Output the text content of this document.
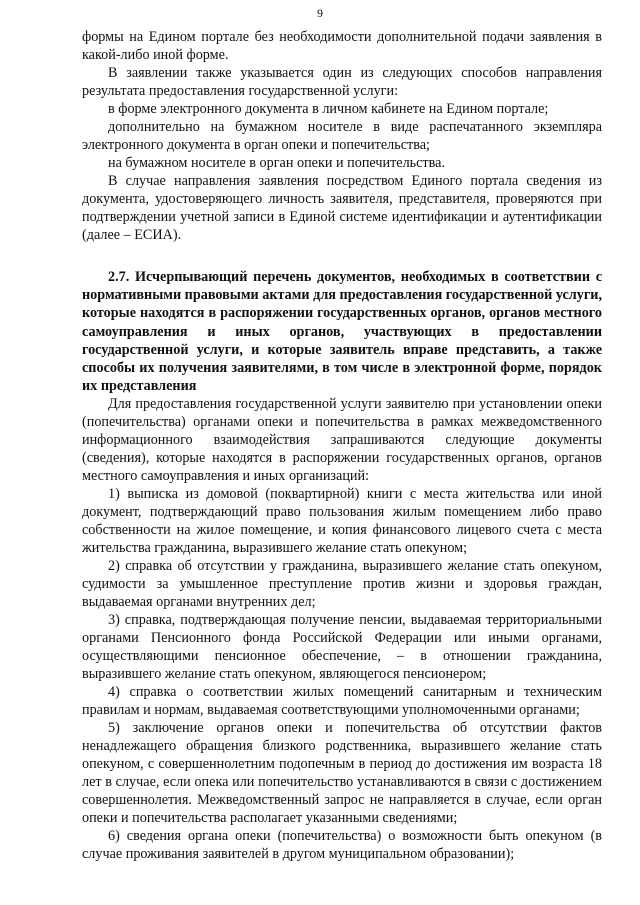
9

формы на Едином портале без необходимости дополнительной подачи заявления в какой-либо иной форме.

В заявлении также указывается один из следующих способов направления результата предоставления государственной услуги:

в форме электронного документа в личном кабинете на Едином портале;

дополнительно на бумажном носителе в виде распечатанного экземпляра электронного документа в орган опеки и попечительства;

на бумажном носителе в орган опеки и попечительства.

В случае направления заявления посредством Единого портала сведения из документа, удостоверяющего личность заявителя, представителя, проверяются при подтверждении учетной записи в Единой системе идентификации и аутентификации (далее – ЕСИА).

2.7. Исчерпывающий перечень документов, необходимых в соответствии с нормативными правовыми актами для предоставления государственной услуги, которые находятся в распоряжении государственных органов, органов местного самоуправления и иных органов, участвующих в предоставлении государственной услуги, и которые заявитель вправе представить, а также способы их получения заявителями, в том числе в электронной форме, порядок их представления

Для предоставления государственной услуги заявителю при установлении опеки (попечительства) органами опеки и попечительства в рамках межведомственного информационного взаимодействия запрашиваются следующие документы (сведения), которые находятся в распоряжении государственных органов, органов местного самоуправления и иных организаций:

1) выписка из домовой (поквартирной) книги с места жительства или иной документ, подтверждающий право пользования жилым помещением либо право собственности на жилое помещение, и копия финансового лицевого счета с места жительства гражданина, выразившего желание стать опекуном;

2) справка об отсутствии у гражданина, выразившего желание стать опекуном, судимости за умышленное преступление против жизни и здоровья граждан, выдаваемая органами внутренних дел;

3) справка, подтверждающая получение пенсии, выдаваемая территориальными органами Пенсионного фонда Российской Федерации или иными органами, осуществляющими пенсионное обеспечение, – в отношении гражданина, выразившего желание стать опекуном, являющегося пенсионером;

4) справка о соответствии жилых помещений санитарным и техническим правилам и нормам, выдаваемая соответствующими уполномоченными органами;

5) заключение органов опеки и попечительства об отсутствии фактов ненадлежащего обращения близкого родственника, выразившего желание стать опекуном, с совершеннолетним подопечным в период до достижения им возраста 18 лет в случае, если опека или попечительство устанавливаются в связи с достижением совершеннолетия. Межведомственный запрос не направляется в случае, если орган опеки и попечительства располагает указанными сведениями;

6) сведения органа опеки (попечительства) о возможности быть опекуном (в случае проживания заявителей в другом муниципальном образовании);
